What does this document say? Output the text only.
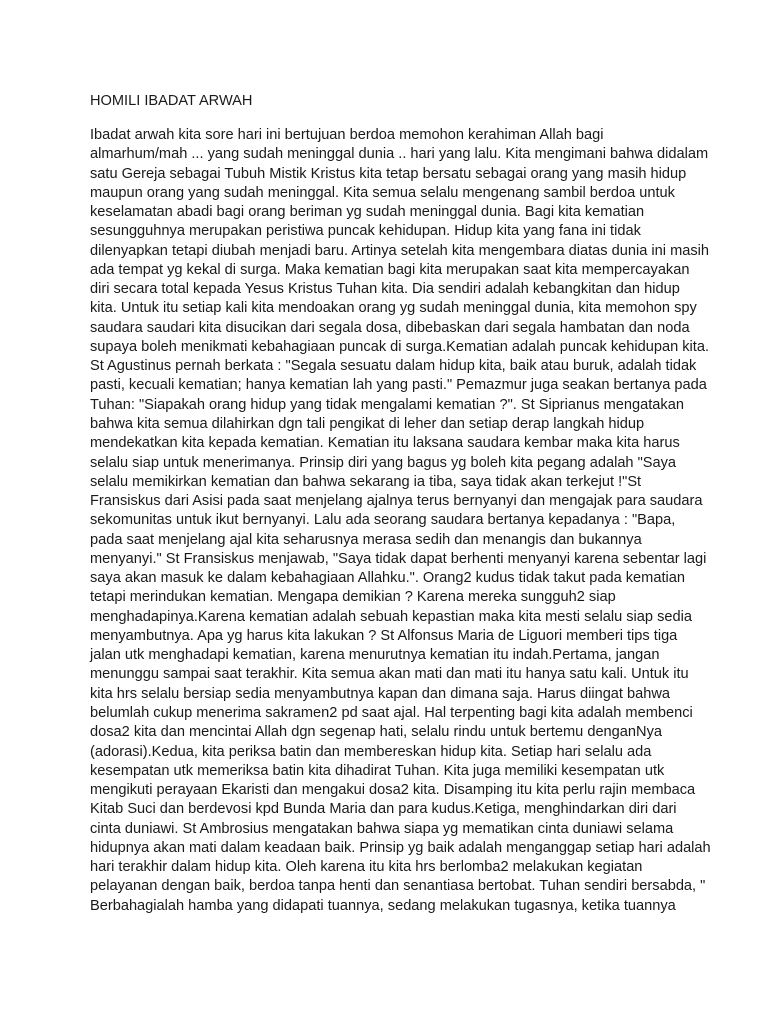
HOMILI IBADAT ARWAH
Ibadat arwah kita sore hari ini bertujuan berdoa memohon kerahiman Allah bagi
almarhum/mah ... yang sudah meninggal dunia .. hari yang lalu. Kita mengimani bahwa didalam
satu Gereja sebagai Tubuh Mistik Kristus kita tetap bersatu sebagai orang yang masih hidup
maupun orang yang sudah meninggal. Kita semua selalu mengenang sambil berdoa untuk
keselamatan abadi bagi orang beriman yg sudah meninggal dunia. Bagi kita kematian
sesungguhnya merupakan peristiwa puncak kehidupan. Hidup kita yang fana ini tidak
dilenyapkan tetapi diubah menjadi baru. Artinya setelah kita mengembara diatas dunia ini masih
ada tempat yg kekal di surga. Maka kematian bagi kita merupakan saat kita mempercayakan
diri secara total kepada Yesus Kristus Tuhan kita. Dia sendiri adalah kebangkitan dan hidup
kita. Untuk itu setiap kali kita mendoakan orang yg sudah meninggal dunia, kita memohon spy
saudara saudari kita disucikan dari segala dosa, dibebaskan dari segala hambatan dan noda
supaya boleh menikmati kebahagiaan puncak di surga.Kematian adalah puncak kehidupan kita.
St Agustinus pernah berkata : "Segala sesuatu dalam hidup kita, baik atau buruk, adalah tidak
pasti, kecuali kematian; hanya kematian lah yang pasti." Pemazmur juga seakan bertanya pada
Tuhan: "Siapakah orang hidup yang tidak mengalami kematian ?". St Siprianus mengatakan
bahwa kita semua dilahirkan dgn tali pengikat di leher dan setiap derap langkah hidup
mendekatkan kita kepada kematian. Kematian itu laksana saudara kembar maka kita harus
selalu siap untuk menerimanya. Prinsip diri yang bagus yg boleh kita pegang adalah "Saya
selalu memikirkan kematian dan bahwa sekarang ia tiba, saya tidak akan terkejut !"St
Fransiskus dari Asisi pada saat menjelang ajalnya terus bernyanyi dan mengajak para saudara
sekomunitas untuk ikut bernyanyi. Lalu ada seorang saudara bertanya kepadanya : "Bapa,
pada saat menjelang ajal kita seharusnya merasa sedih dan menangis dan bukannya
menyanyi." St Fransiskus menjawab, "Saya tidak dapat berhenti menyanyi karena sebentar lagi
saya akan masuk ke dalam kebahagiaan Allahku.". Orang2 kudus tidak takut pada kematian
tetapi merindukan kematian. Mengapa demikian ? Karena mereka sungguh2 siap
menghadapinya.Karena kematian adalah sebuah kepastian maka kita mesti selalu siap sedia
menyambutnya. Apa yg harus kita lakukan ? St Alfonsus Maria de Liguori memberi tips tiga
jalan utk menghadapi kematian, karena menurutnya kematian itu indah.Pertama, jangan
menunggu sampai saat terakhir. Kita semua akan mati dan mati itu hanya satu kali. Untuk itu
kita hrs selalu bersiap sedia menyambutnya kapan dan dimana saja. Harus diingat bahwa
belumlah cukup menerima sakramen2 pd saat ajal. Hal terpenting bagi kita adalah membenci
dosa2 kita dan mencintai Allah dgn segenap hati, selalu rindu untuk bertemu denganNya
(adorasi).Kedua, kita periksa batin dan membereskan hidup kita. Setiap hari selalu ada
kesempatan utk memeriksa batin kita dihadirat Tuhan. Kita juga memiliki kesempatan utk
mengikuti perayaan Ekaristi dan mengakui dosa2 kita. Disamping itu kita perlu rajin membaca
Kitab Suci dan berdevosi kpd Bunda Maria dan para kudus.Ketiga, menghindarkan diri dari
cinta duniawi. St Ambrosius mengatakan bahwa siapa yg mematikan cinta duniawi selama
hidupnya akan mati dalam keadaan baik. Prinsip yg baik adalah menganggap setiap hari adalah
hari terakhir dalam hidup kita. Oleh karena itu kita hrs berlomba2 melakukan kegiatan
pelayanan dengan baik, berdoa tanpa henti dan senantiasa bertobat. Tuhan sendiri bersabda, "
Berbahagialah hamba yang didapati tuannya, sedang melakukan tugasnya, ketika tuannya
